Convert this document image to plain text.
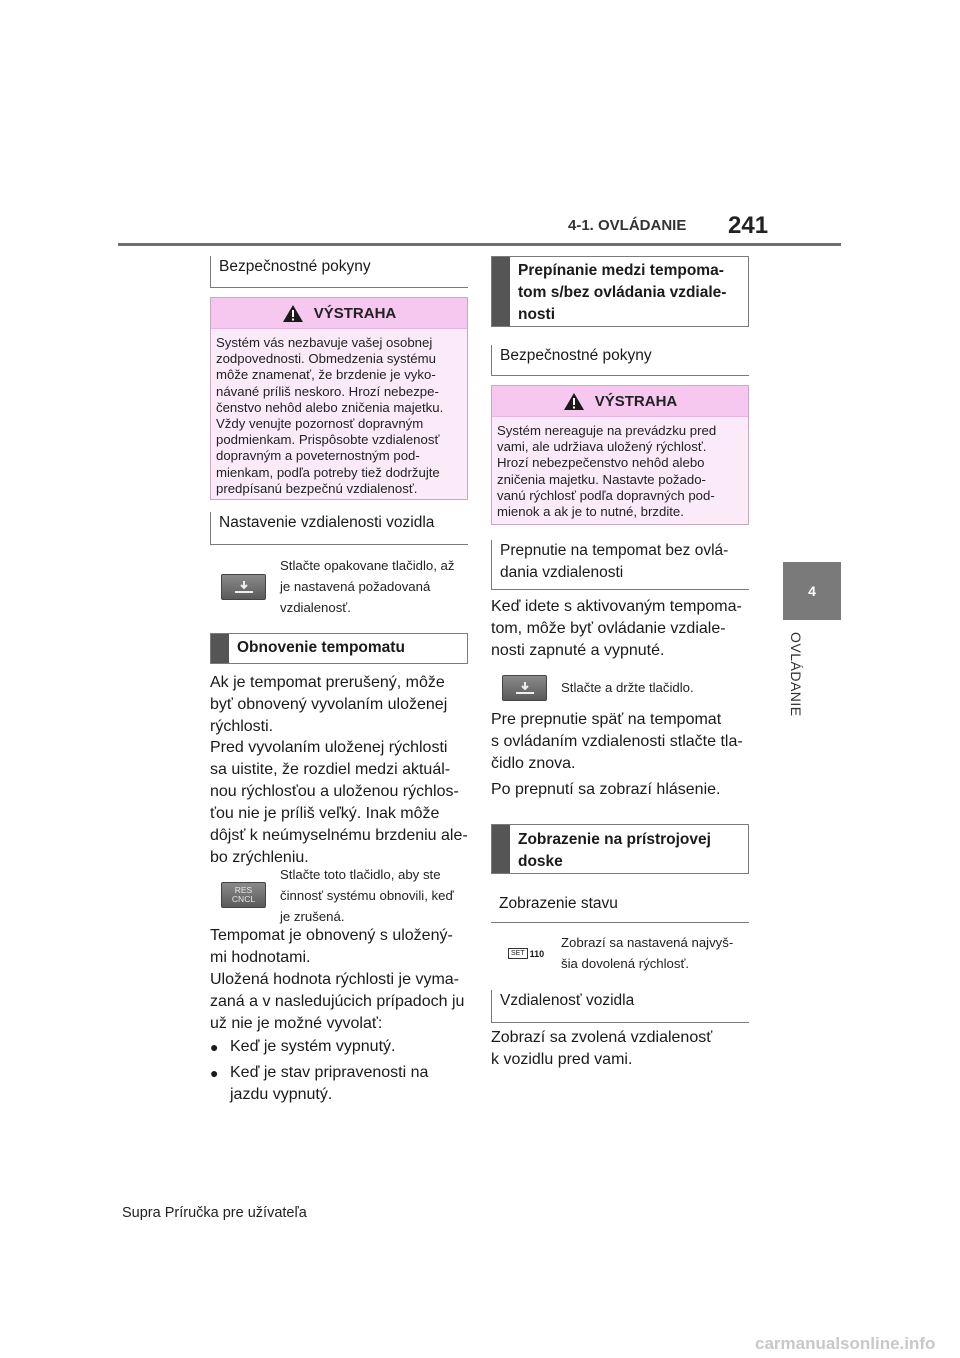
4-1. OVLÁDANIE 241
4
OVLÁDANIE
Bezpečnostné pokyny
VÝSTRAHA
Systém vás nezbavuje vašej osobnej
zodpovednosti. Obmedzenia systému
môže znamenať, že brzdenie je vyko-
návané príliš neskoro. Hrozí nebezpe-
čenstvo nehôd alebo zničenia majetku.
Vždy venujte pozornosť dopravným
podmienkam. Prispôsobte vzdialenosť
dopravným a poveternostným pod-
mienkam, podľa potreby tiež dodržujte
predpísanú bezpečnú vzdialenosť.
Nastavenie vzdialenosti vozidla
Stlačte opakovane tlačidlo, až
je nastavená požadovaná
vzdialenosť.
Obnovenie tempomatu
Ak je tempomat prerušený, môže
byť obnovený vyvolaním uloženej
rýchlosti.
Pred vyvolaním uloženej rýchlosti
sa uistite, že rozdiel medzi aktuál-
nou rýchlosťou a uloženou rýchlos-
ťou nie je príliš veľký. Inak môže
dôjsť k neúmyselnému brzdeniu ale-
bo zrýchleniu.
RES
CNCL
Stlačte toto tlačidlo, aby ste
činnosť systému obnovili, keď
je zrušená.
Tempomat je obnovený s uložený-
mi hodnotami.
Uložená hodnota rýchlosti je vyma-
zaná a v nasledujúcich prípadoch ju
už nie je možné vyvolať:
● Keď je systém vypnutý.
● Keď je stav pripravenosti na
jazdu vypnutý.
Prepínanie medzi tempoma-
tom s/bez ovládania vzdiale-
nosti
Bezpečnostné pokyny
VÝSTRAHA
Systém nereaguje na prevádzku pred
vami, ale udržiava uložený rýchlosť.
Hrozí nebezpečenstvo nehôd alebo
zničenia majetku. Nastavte požado-
vanú rýchlosť podľa dopravných pod-
mienok a ak je to nutné, brzdite.
Prepnutie na tempomat bez ovlá-
dania vzdialenosti
Keď idete s aktivovaným tempoma-
tom, môže byť ovládanie vzdiale-
nosti zapnuté a vypnuté.
Stlačte a držte tlačidlo.
Pre prepnutie späť na tempomat
s ovládaním vzdialenosti stlačte tla-
čidlo znova.
Po prepnutí sa zobrazí hlásenie.
Zobrazenie na prístrojovej
doske
Zobrazenie stavu
SET 110
Zobrazí sa nastavená najvyš-
šia dovolená rýchlosť.
Vzdialenosť vozidla
Zobrazí sa zvolená vzdialenosť
k vozidlu pred vami.
Supra Príručka pre užívateľa
carmanualsonline.info
